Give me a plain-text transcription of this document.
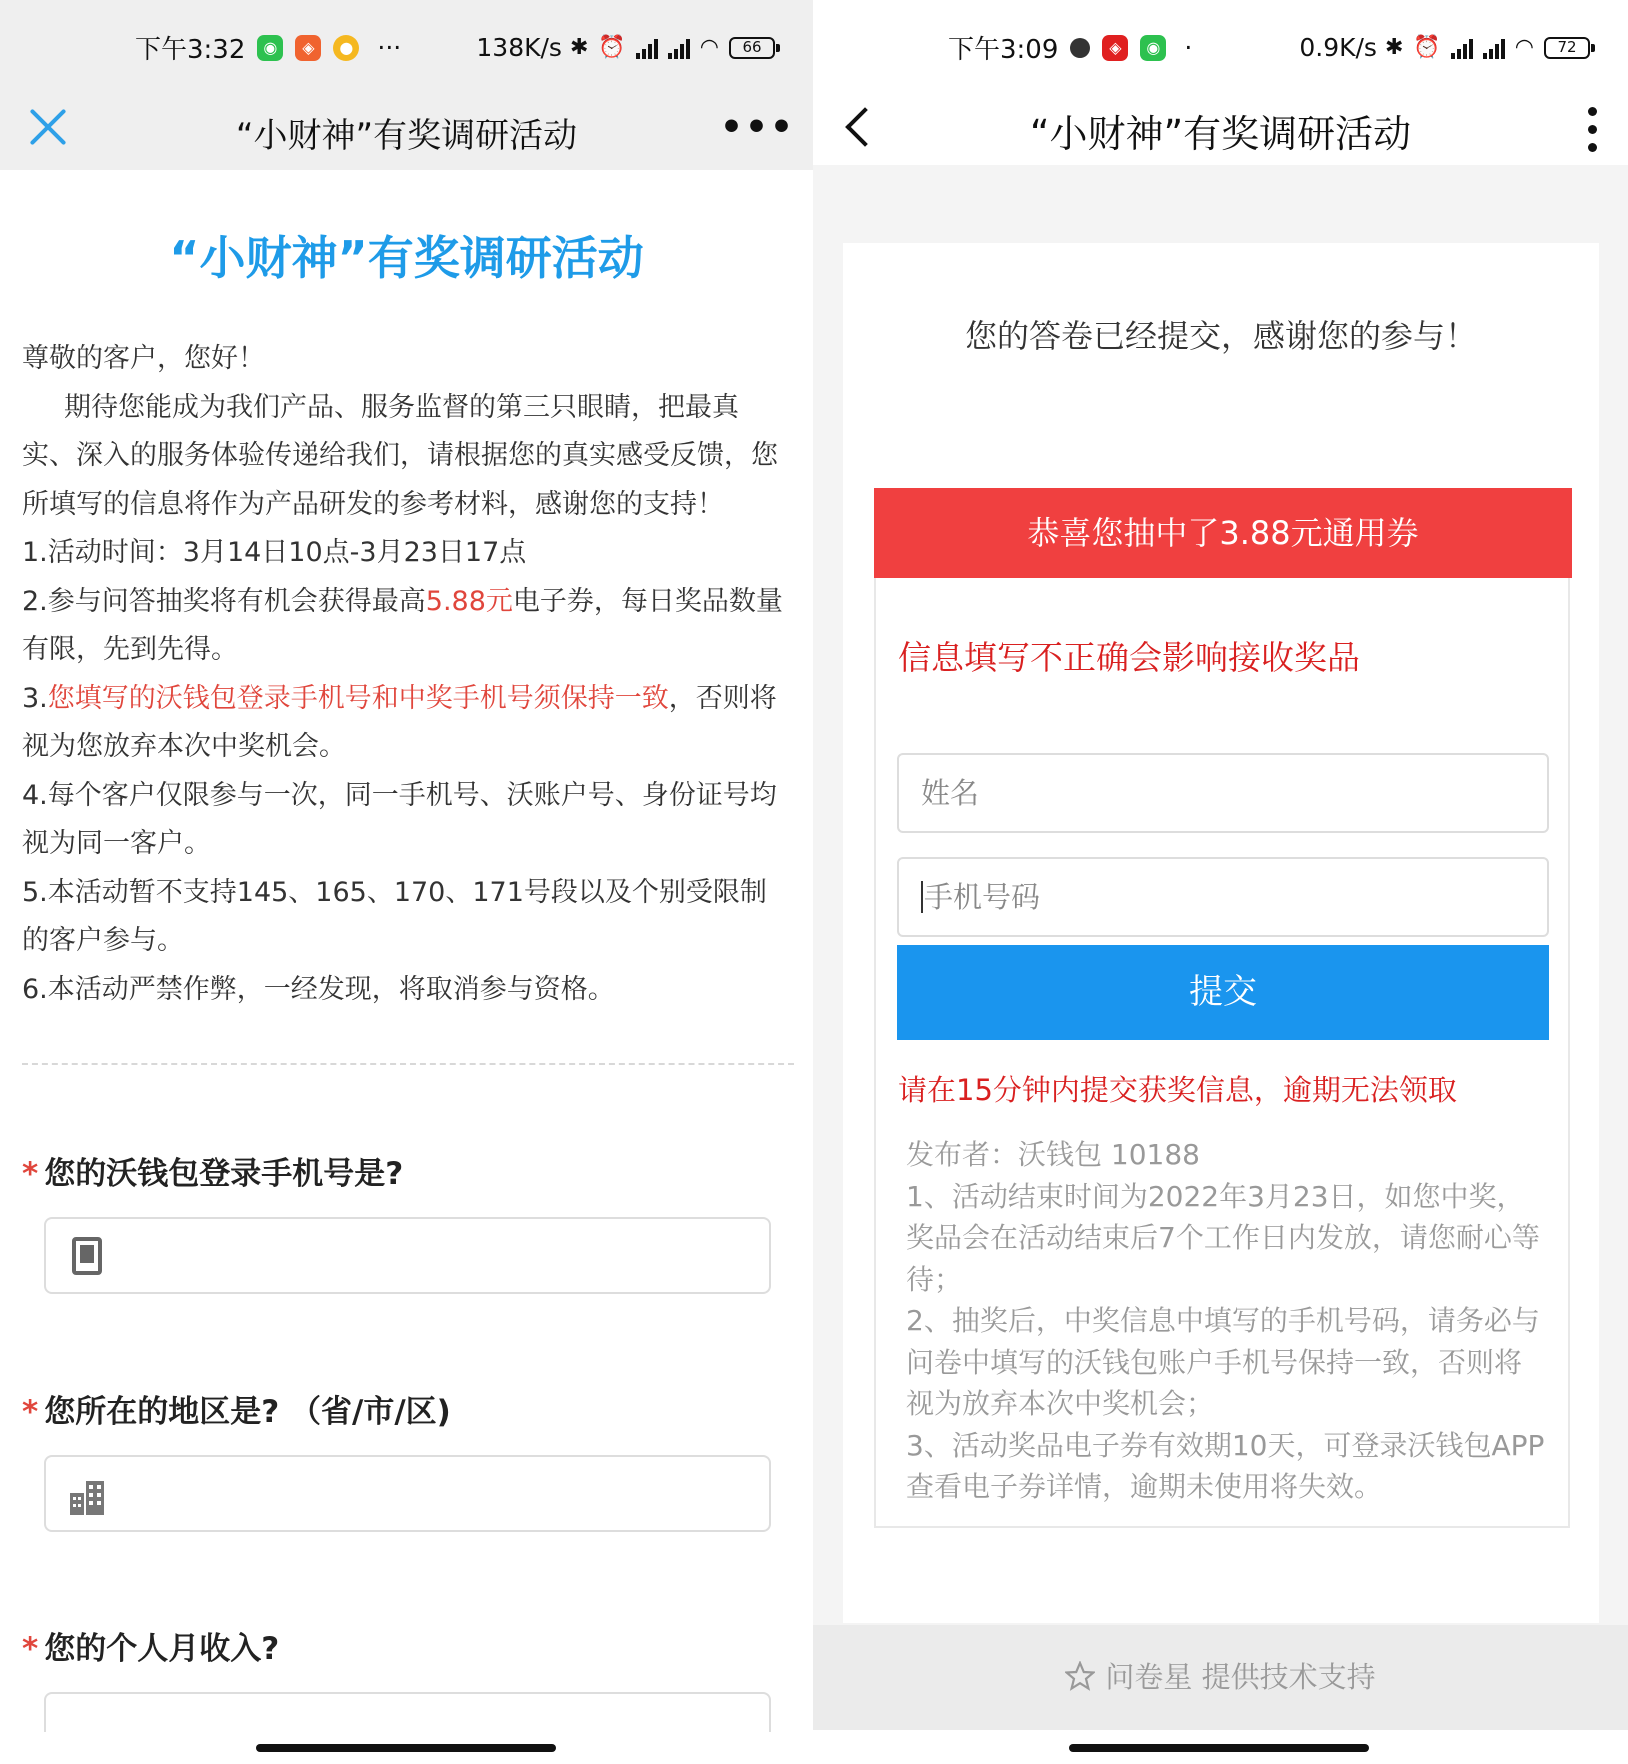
下午3:32	◉	◈	● ···	138K/s ✱ ⏰	◠	66
“小财神”有奖调研活动	•••
“小财神”有奖调研活动

尊敬的客户，您好！

期待您能成为我们产品、服务监督的第三只眼睛，把最真实、深入的服务体验传递给我们，请根据您的真实感受反馈，您所填写的信息将作为产品研发的参考材料，感谢您的支持！

1.活动时间：3月14日10点-3月23日17点

2.参与问答抽奖将有机会获得最高5.88元电子券，每日奖品数量有限，先到先得。

3.您填写的沃钱包登录手机号和中奖手机号须保持一致，否则将视为您放弃本次中奖机会。

4.每个客户仅限参与一次，同一手机号、沃账户号、身份证号均视为同一客户。

5.本活动暂不支持145、165、170、171号段以及个别受限制的客户参与。

6.本活动严禁作弊，一经发现，将取消参与资格。

* 您的沃钱包登录手机号是?
* 您所在的地区是? （省/市/区)
* 您的个人月收入?
下午3:09	◈	◉ ·	0.9K/s ✱ ⏰	◠	72
“小财神”有奖调研活动
您的答卷已经提交，感谢您的参与！
恭喜您抽中了3.88元通用券
信息填写不正确会影响接收奖品
姓名
手机号码
提交
请在15分钟内提交获奖信息，逾期无法领取

发布者：沃钱包 10188

1、活动结束时间为2022年3月23日，如您中奖，奖品会在活动结束后7个工作日内发放，请您耐心等待；

2、抽奖后，中奖信息中填写的手机号码，请务必与问卷中填写的沃钱包账户手机号保持一致，否则将视为放弃本次中奖机会；

3、活动奖品电子券有效期10天，可登录沃钱包APP查看电子券详情，逾期未使用将失效。

问卷星 提供技术支持
